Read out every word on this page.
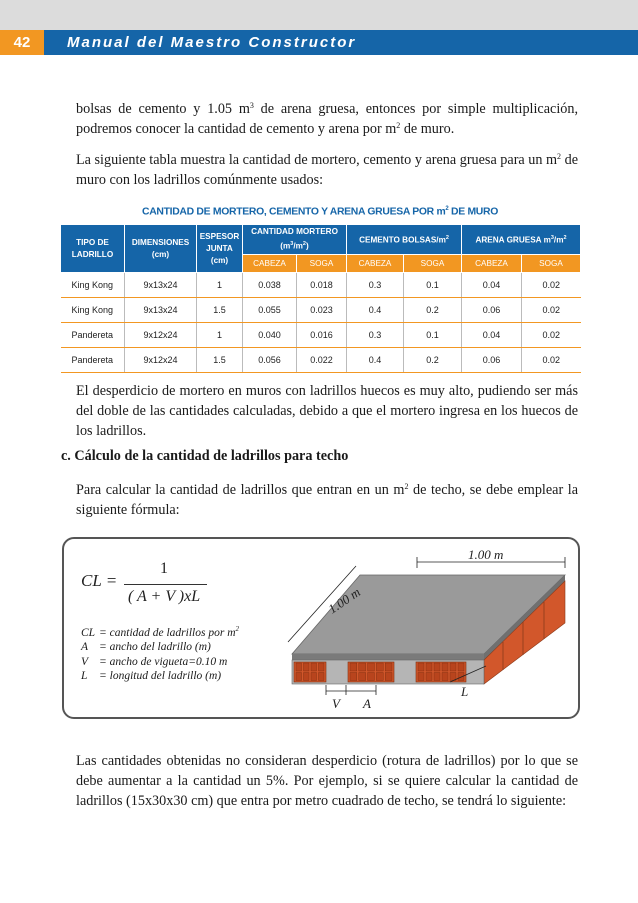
42	Manual del Maestro Constructor
bolsas de cemento y 1.05 $m^3$ de arena gruesa, entonces por simple multiplicación, podremos conocer la cantidad de cemento y arena por $m^2$ de muro.
La siguiente tabla muestra la cantidad de mortero, cemento y arena gruesa para un $m^2$ de muro con los ladrillos comúnmente usados:
CANTIDAD DE MORTERO, CEMENTO Y ARENA GRUESA POR $m^2$ DE MURO
TIPO DE LADRILLO	DIMENSIONES (cm)	ESPESOR JUNTA (cm)	CANTIDAD MORTERO $(m^3/m^2)$		CEMENTO BOLSAS/$m^2$		ARENA GRUESA $m^3/m^2$
			CABEZA	SOGA	CABEZA	SOGA	CABEZA	SOGA
King Kong	9x13x24	1	0.038	0.018	0.3	0.1	0.04	0.02
King Kong	9x13x24	1.5	0.055	0.023	0.4	0.2	0.06	0.02
Pandereta	9x12x24	1	0.040	0.016	0.3	0.1	0.04	0.02
Pandereta	9x12x24	1.5	0.056	0.022	0.4	0.2	0.06	0.02
El desperdicio de mortero en muros con ladrillos huecos es muy alto, pudiendo ser más del doble de las cantidades calculadas, debido a que el mortero ingresa en los huecos de los ladrillos.
c. Cálculo de la cantidad de ladrillos para techo
Para calcular la cantidad de ladrillos que entran en un $m^2$ de techo, se debe emplear la siguiente fórmula:
CL =
1
( A + V )xL
CL = cantidad de ladrillos por $m^2$
A = ancho del ladrillo (m)
V = ancho de vigueta=0.10 m
L = longitud del ladrillo (m)
V A
L
1.00 m
1.00 m
Las cantidades obtenidas no consideran desperdicio (rotura de ladrillos) por lo que se debe aumentar a la cantidad un 5%. Por ejemplo, si se quiere calcular la cantidad de ladrillos (15x30x30 cm) que entra por metro cuadrado de techo, se tendrá lo siguiente:
